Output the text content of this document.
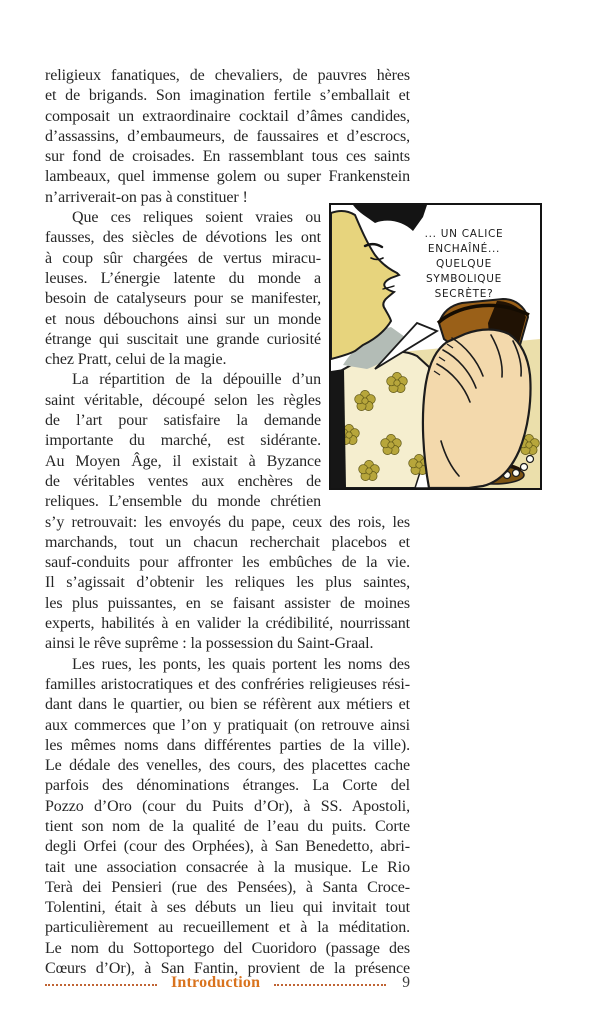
religieux fanatiques, de chevaliers, de pauvres hères
et de brigands. Son imagination fertile s’emballait et
composait un extraordinaire cocktail d’âmes candides,
d’assassins, d’embaumeurs, de faussaires et d’escrocs,
sur fond de croisades. En rassemblant tous ces saints
lambeaux, quel immense golem ou super Frankenstein
n’arriverait-on pas à constituer !
Que ces reliques soient vraies ou
fausses, des siècles de dévotions les ont
à coup sûr chargées de vertus miracu-
leuses. L’énergie latente du monde a
besoin de catalyseurs pour se manifester,
et nous débouchons ainsi sur un monde
étrange qui suscitait une grande curiosité
chez Pratt, celui de la magie.
La répartition de la dépouille d’un
saint véritable, découpé selon les règles
de l’art pour satisfaire la demande
importante du marché, est sidérante.
Au Moyen Âge, il existait à Byzance
de véritables ventes aux enchères de
reliques. L’ensemble du monde chrétien
s’y retrouvait: les envoyés du pape, ceux des rois, les
marchands, tout un chacun recherchait placebos et
sauf-conduits pour affronter les embûches de la vie.
Il s’agissait d’obtenir les reliques les plus saintes,
les plus puissantes, en se faisant assister de moines
experts, habilités à en valider la crédibilité, nourrissant
ainsi le rêve suprême : la possession du Saint-Graal.
Les rues, les ponts, les quais portent les noms des
familles aristocratiques et des confréries religieuses rési-
dant dans le quartier, ou bien se réfèrent aux métiers et
aux commerces que l’on y pratiquait (on retrouve ainsi
les mêmes noms dans différentes parties de la ville).
Le dédale des venelles, des cours, des placettes cache
parfois des dénominations étranges. La Corte del
Pozzo d’Oro (cour du Puits d’Or), à SS. Apostoli,
tient son nom de la qualité de l’eau du puits. Corte
degli Orfei (cour des Orphées), à San Benedetto, abri-
tait une association consacrée à la musique. Le Rio
Terà dei Pensieri (rue des Pensées), à Santa Croce-
Tolentini, était à ses débuts un lieu qui invitait tout
particulièrement au recueillement et à la méditation.
Le nom du Sottoportego del Cuoridoro (passage des
Cœurs d’Or), à San Fantin, provient de la présence
... UN CALICE
ENCHAÎNÉ...
QUELQUE
SYMBOLIQUE
SECRÈTE?
Introduction	9
